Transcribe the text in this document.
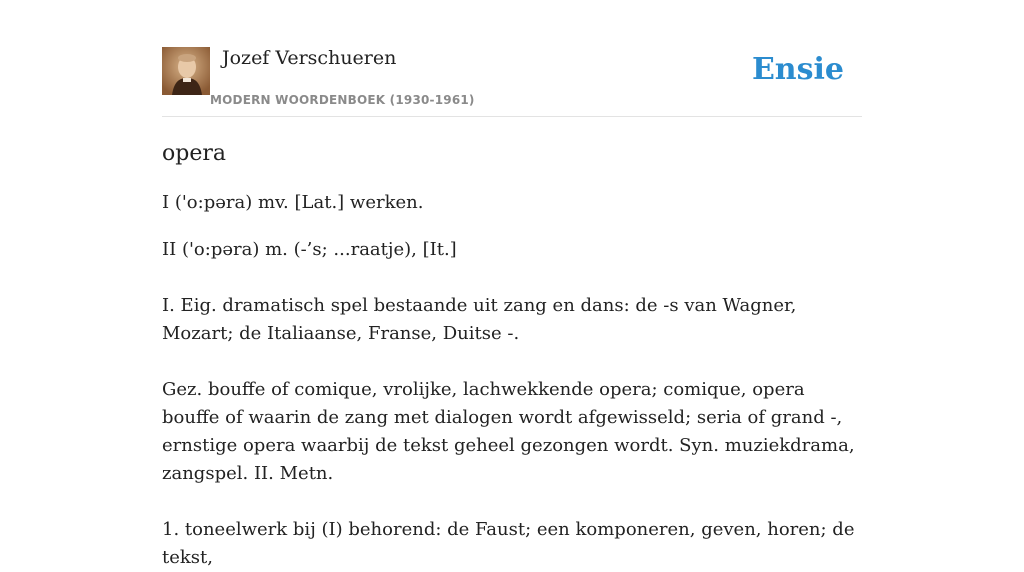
Jozef Verschueren
MODERN WOORDENBOEK (1930-1961)
Ensie
opera

I ('o:pəra) mv. [Lat.] werken.

II ('o:pəra) m. (-’s; ...raatje), [It.]

I. Eig. dramatisch spel bestaande uit zang en dans: de -s van Wagner, Mozart; de Italiaanse, Franse, Duitse -.

Gez. bouffe of comique, vrolijke, lachwekkende opera; comique, opera bouffe of waarin de zang met dialogen wordt afgewisseld; seria of grand -, ernstige opera waarbij de tekst geheel gezongen wordt. Syn. muziekdrama, zangspel. II. Metn.

1. toneelwerk bij (I) behorend: de Faust; een komponeren, geven, horen; de tekst,
